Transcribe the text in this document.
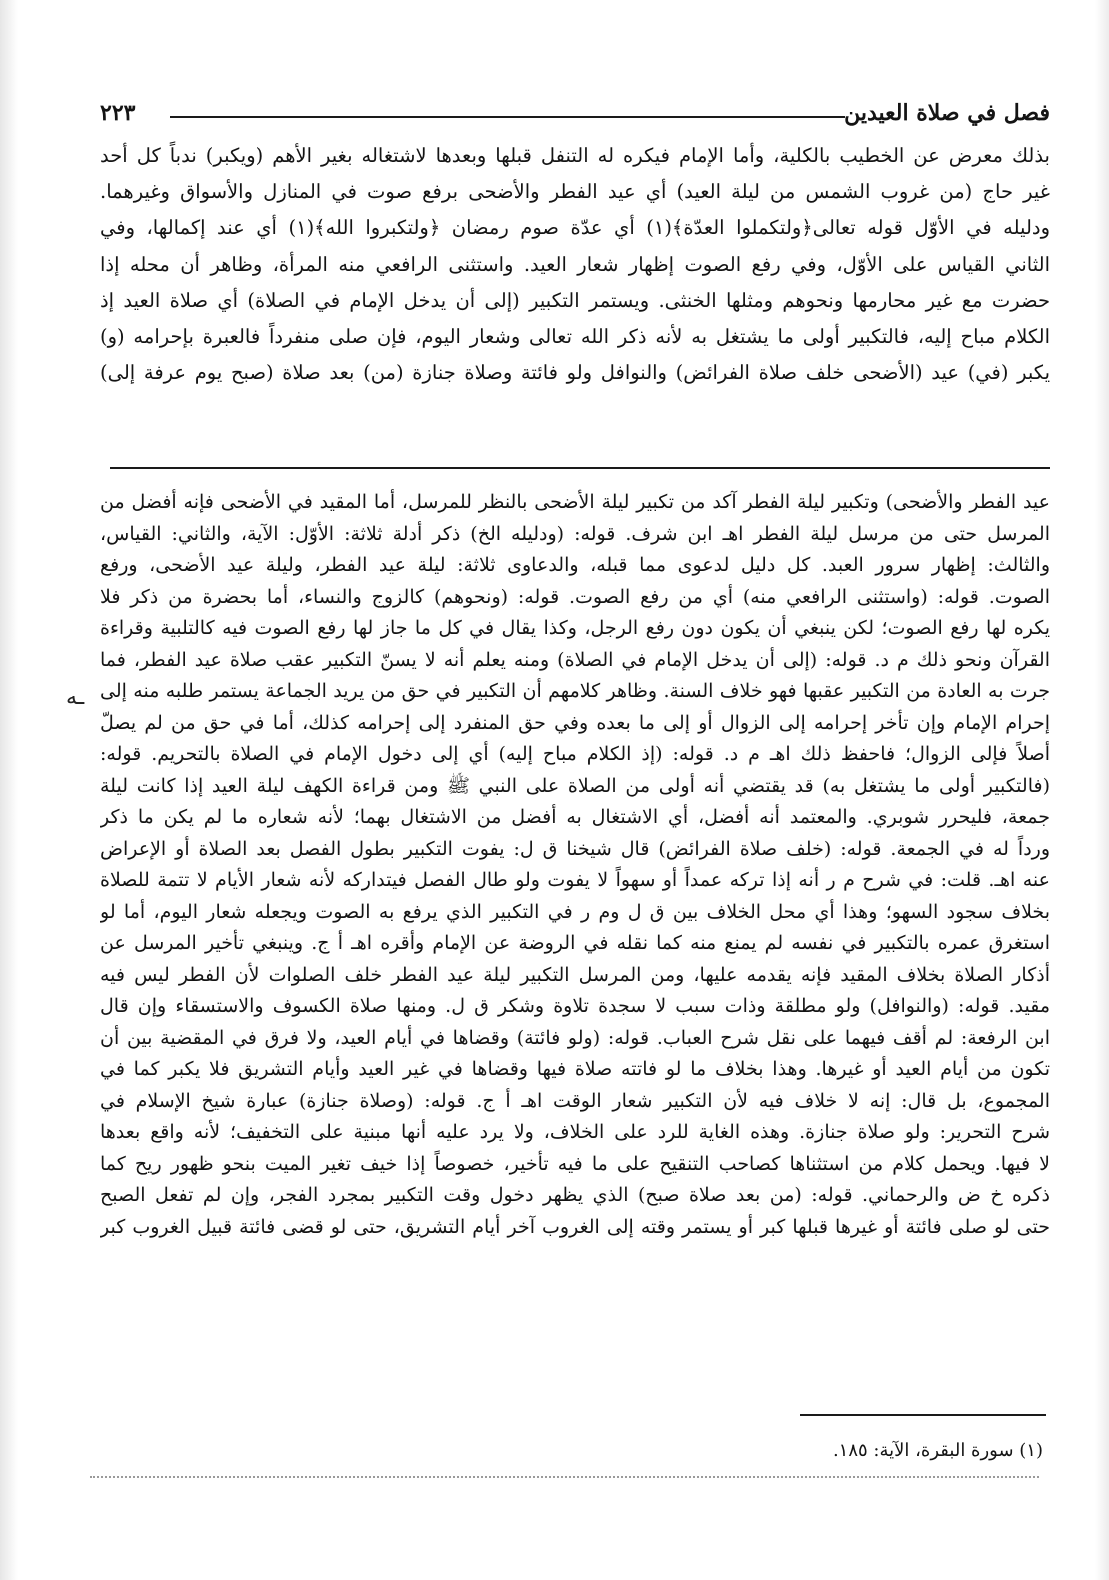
فصل في صلاة العيدين
٢٢٣
بذلك معرض عن الخطيب بالكلية، وأما الإمام فيكره له التنفل قبلها وبعدها لاشتغاله بغير الأهم (ويكبر) ندباً كل أحد
غير حاج (من غروب الشمس من ليلة العيد) أي عيد الفطر والأضحى برفع صوت في المنازل والأسواق وغيرهما.
ودليله في الأوّل قوله تعالى﴿ولتكملوا العدّة﴾(١) أي عدّة صوم رمضان ﴿ولتكبروا الله﴾(١) أي عند إكمالها، وفي
الثاني القياس على الأوّل، وفي رفع الصوت إظهار شعار العيد. واستثنى الرافعي منه المرأة، وظاهر أن محله إذا
حضرت مع غير محارمها ونحوهم ومثلها الخنثى. ويستمر التكبير (إلى أن يدخل الإمام في الصلاة) أي صلاة العيد إذ
الكلام مباح إليه، فالتكبير أولى ما يشتغل به لأنه ذكر الله تعالى وشعار اليوم، فإن صلى منفرداً فالعبرة بإحرامه (و)
يكبر (في) عيد (الأضحى خلف صلاة الفرائض) والنوافل ولو فائتة وصلاة جنازة (من) بعد صلاة (صبح يوم عرفة إلى)
عيد الفطر والأضحى) وتكبير ليلة الفطر آكد من تكبير ليلة الأضحى بالنظر للمرسل، أما المقيد في الأضحى فإنه أفضل من
المرسل حتى من مرسل ليلة الفطر اهـ ابن شرف. قوله: (ودليله الخ) ذكر أدلة ثلاثة: الأوّل: الآية، والثاني: القياس،
والثالث: إظهار سرور العبد. كل دليل لدعوى مما قبله، والدعاوى ثلاثة: ليلة عيد الفطر، وليلة عيد الأضحى، ورفع
الصوت. قوله: (واستثنى الرافعي منه) أي من رفع الصوت. قوله: (ونحوهم) كالزوج والنساء، أما بحضرة من ذكر فلا
يكره لها رفع الصوت؛ لكن ينبغي أن يكون دون رفع الرجل، وكذا يقال في كل ما جاز لها رفع الصوت فيه كالتلبية وقراءة
القرآن ونحو ذلك م د. قوله: (إلى أن يدخل الإمام في الصلاة) ومنه يعلم أنه لا يسنّ التكبير عقب صلاة عيد الفطر، فما
جرت به العادة من التكبير عقبها فهو خلاف السنة. وظاهر كلامهم أن التكبير في حق من يريد الجماعة يستمر طلبه منه إلى
إحرام الإمام وإن تأخر إحرامه إلى الزوال أو إلى ما بعده وفي حق المنفرد إلى إحرامه كذلك، أما في حق من لم يصلّ
أصلاً فإلى الزوال؛ فاحفظ ذلك اهـ م د. قوله: (إذ الكلام مباح إليه) أي إلى دخول الإمام في الصلاة بالتحريم. قوله:
(فالتكبير أولى ما يشتغل به) قد يقتضي أنه أولى من الصلاة على النبي ﷺ ومن قراءة الكهف ليلة العيد إذا كانت ليلة
جمعة، فليحرر شوبري. والمعتمد أنه أفضل، أي الاشتغال به أفضل من الاشتغال بهما؛ لأنه شعاره ما لم يكن ما ذكر
ورداً له في الجمعة. قوله: (خلف صلاة الفرائض) قال شيخنا ق ل: يفوت التكبير بطول الفصل بعد الصلاة أو الإعراض
عنه اهـ. قلت: في شرح م ر أنه إذا تركه عمداً أو سهواً لا يفوت ولو طال الفصل فيتداركه لأنه شعار الأيام لا تتمة للصلاة
بخلاف سجود السهو؛ وهذا أي محل الخلاف بين ق ل وم ر في التكبير الذي يرفع به الصوت ويجعله شعار اليوم، أما لو
استغرق عمره بالتكبير في نفسه لم يمنع منه كما نقله في الروضة عن الإمام وأقره اهـ أ ج. وينبغي تأخير المرسل عن
أذكار الصلاة بخلاف المقيد فإنه يقدمه عليها، ومن المرسل التكبير ليلة عيد الفطر خلف الصلوات لأن الفطر ليس فيه
مقيد. قوله: (والنوافل) ولو مطلقة وذات سبب لا سجدة تلاوة وشكر ق ل. ومنها صلاة الكسوف والاستسقاء وإن قال
ابن الرفعة: لم أقف فيهما على نقل شرح العباب. قوله: (ولو فائتة) وقضاها في أيام العيد، ولا فرق في المقضية بين أن
تكون من أيام العيد أو غيرها. وهذا بخلاف ما لو فاتته صلاة فيها وقضاها في غير العيد وأيام التشريق فلا يكبر كما في
المجموع، بل قال: إنه لا خلاف فيه لأن التكبير شعار الوقت اهـ أ ج. قوله: (وصلاة جنازة) عبارة شيخ الإسلام في
شرح التحرير: ولو صلاة جنازة. وهذه الغاية للرد على الخلاف، ولا يرد عليه أنها مبنية على التخفيف؛ لأنه واقع بعدها
لا فيها. ويحمل كلام من استثناها كصاحب التنقيح على ما فيه تأخير، خصوصاً إذا خيف تغير الميت بنحو ظهور ريح كما
ذكره خ ض والرحماني. قوله: (من بعد صلاة صبح) الذي يظهر دخول وقت التكبير بمجرد الفجر، وإن لم تفعل الصبح
حتى لو صلى فائتة أو غيرها قبلها كبر أو يستمر وقته إلى الغروب آخر أيام التشريق، حتى لو قضى فائتة قبيل الغروب كبر
ـه
(١) سورة البقرة، الآية: ١٨٥.
